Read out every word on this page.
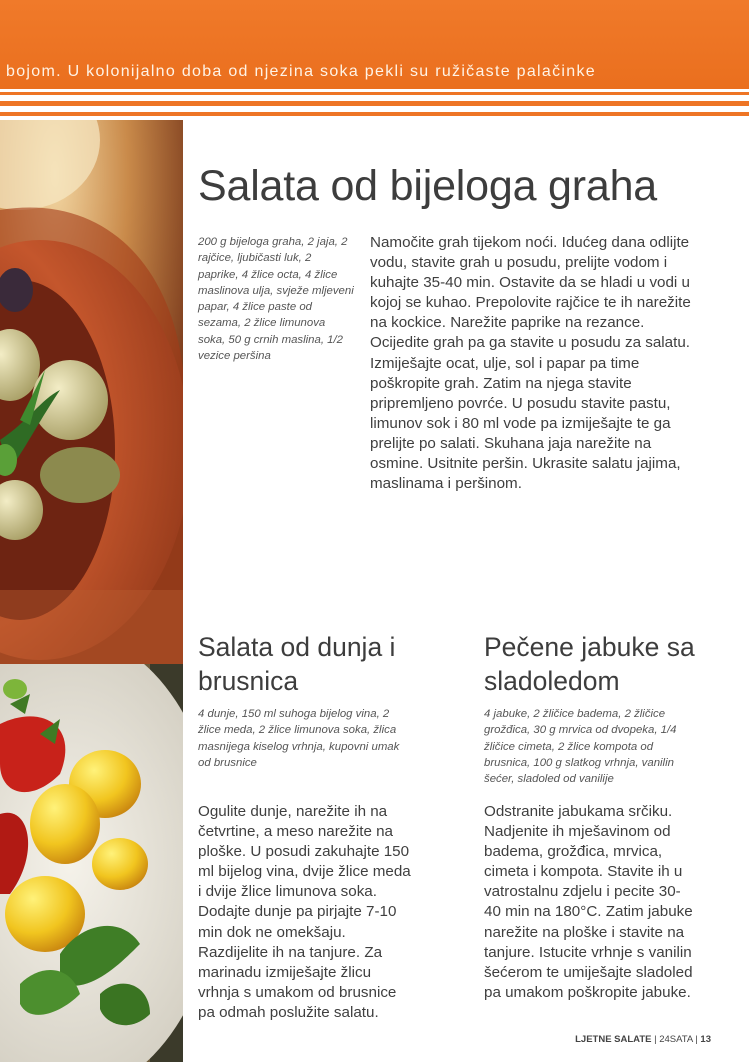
bojom. U kolonijalno doba od njezina soka pekli su ružičaste palačinke
Salata od bijeloga graha
200 g bijeloga graha, 2 jaja, 2 rajčice, ljubičasti luk, 2 paprike, 4 žlice octa, 4 žlice maslinova ulja, svježe mljeveni papar, 4 žlice paste od sezama, 2 žlice limunova soka, 50 g crnih maslina, 1/2 vezice peršina
Namočite grah tijekom noći. Idućeg dana odlijte vodu, stavite grah u posudu, prelijte vodom i kuhajte 35-40 min. Ostavite da se hladi u vodi u kojoj se kuhao. Prepolovite rajčice te ih narežite na kockice. Narežite paprike na rezance. Ocijedite grah pa ga stavite u posudu za salatu. Izmiješajte ocat, ulje, sol i papar pa time poškropite grah. Zatim na njega stavite pripremljeno povrće. U posudu stavite pastu, limunov sok i 80 ml vode pa izmiješajte te ga prelijte po salati. Skuhana jaja narežite na osmine. Usitnite peršin. Ukrasite salatu jajima, maslinama i peršinom.
Salata od dunja i brusnica
4 dunje, 150 ml suhoga bijelog vina, 2 žlice meda, 2 žlice limunova soka, žlica masnijega kiselog vrhnja, kupovni umak od brusnice
Ogulite dunje, narežite ih na četvrtine, a meso narežite na ploške. U posudi zakuhajte 150 ml bijelog vina, dvije žlice meda i dvije žlice limunova soka. Dodajte dunje pa pirjajte 7-10 min dok ne omekšaju. Razdijelite ih na tanjure. Za marinadu izmiješajte žlicu vrhnja s umakom od brusnice pa odmah poslužite salatu.
Pečene jabuke sa sladoledom
4 jabuke, 2 žličice badema, 2 žličice grožđica, 30 g mrvica od dvopeka, 1/4 žličice cimeta, 2 žlice kompota od brusnica, 100 g slatkog vrhnja, vanilin šećer, sladoled od vanilije
Odstranite jabukama srčiku. Nadjenite ih mješavinom od bademа, grožđica, mrvica, cimeta i kompota. Stavite ih u vatrostalnu zdjelu i pecite 30-40 min na 180°C. Zatim jabuke narežite na ploške i stavite na tanjure. Istucite vrhnje s vanilin šećerom te umiješajte sladoled pa umakom poškropite jabuke.
LJETNE SALATE | 24SATA | 13
